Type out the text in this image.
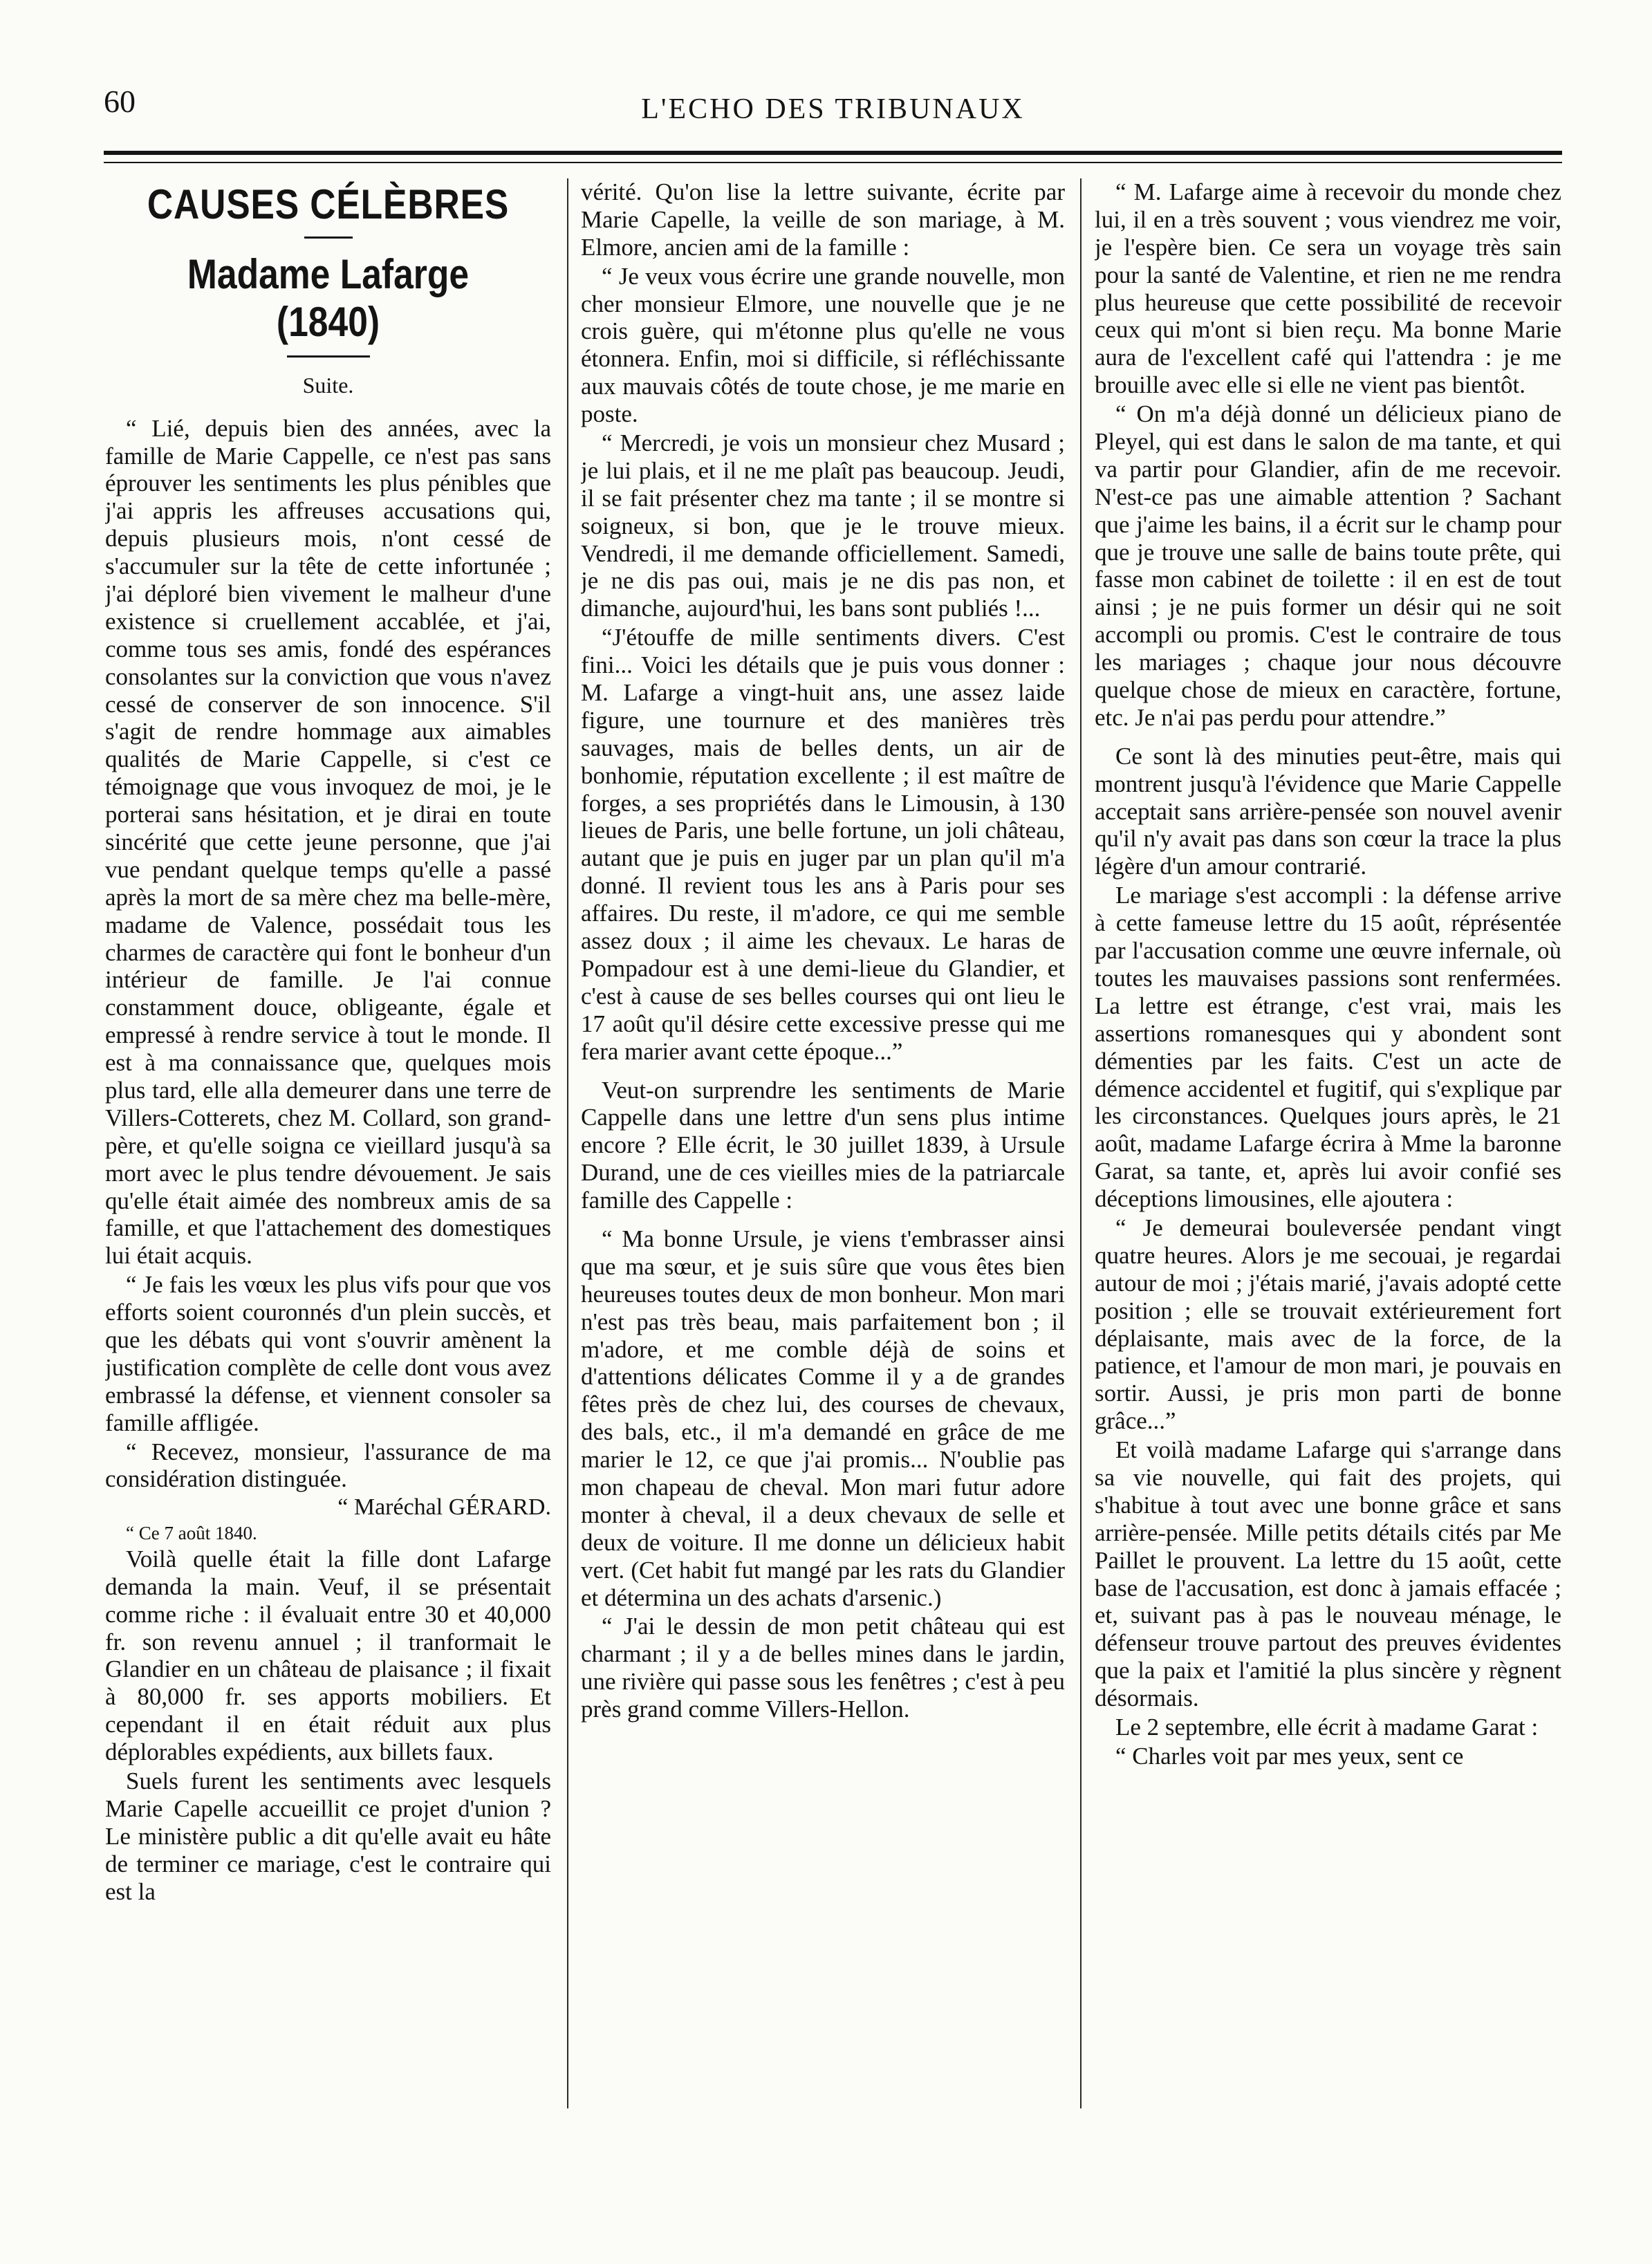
60	L'ECHO DES TRIBUNAUX
CAUSES CÉLÈBRES
Madame Lafarge (1840)
Suite.

“ Lié, depuis bien des années, avec la famille de Marie Cappelle, ce n'est pas sans éprouver les sentiments les plus pénibles que j'ai appris les affreuses accusations qui, depuis plusieurs mois, n'ont cessé de s'accumuler sur la tête de cette infortunée ; j'ai déploré bien vivement le malheur d'une existence si cruellement accablée, et j'ai, comme tous ses amis, fondé des espérances consolantes sur la conviction que vous n'avez cessé de conserver de son innocence. S'il s'agit de rendre hommage aux aimables qualités de Marie Cappelle, si c'est ce témoignage que vous invoquez de moi, je le porterai sans hésitation, et je dirai en toute sincérité que cette jeune personne, que j'ai vue pendant quelque temps qu'elle a passé après la mort de sa mère chez ma belle-mère, madame de Valence, possédait tous les charmes de caractère qui font le bonheur d'un intérieur de famille. Je l'ai connue constamment douce, obligeante, égale et empressé à rendre service à tout le monde. Il est à ma connaissance que, quelques mois plus tard, elle alla demeurer dans une terre de Villers-Cotterets, chez M. Collard, son grand-père, et qu'elle soigna ce vieillard jusqu'à sa mort avec le plus tendre dévouement. Je sais qu'elle était aimée des nombreux amis de sa famille, et que l'attachement des domestiques lui était acquis.

“ Je fais les vœux les plus vifs pour que vos efforts soient couronnés d'un plein succès, et que les débats qui vont s'ouvrir amènent la justification complète de celle dont vous avez embrassé la défense, et viennent consoler sa famille affligée.

“ Recevez, monsieur, l'assurance de ma considération distinguée.

“ Maréchal GÉRARD.

“ Ce 7 août 1840.

Voilà quelle était la fille dont Lafarge demanda la main. Veuf, il se présentait comme riche : il évaluait entre 30 et 40,000 fr. son revenu annuel ; il tranformait le Glandier en un château de plaisance ; il fixait à 80,000 fr. ses apports mobiliers. Et cependant il en était réduit aux plus déplorables expédients, aux billets faux.

Suels furent les sentiments avec lesquels Marie Capelle accueillit ce projet d'union ? Le ministère public a dit qu'elle avait eu hâte de terminer ce mariage, c'est le contraire qui est la

vérité. Qu'on lise la lettre suivante, écrite par Marie Capelle, la veille de son mariage, à M. Elmore, ancien ami de la famille :

“ Je veux vous écrire une grande nouvelle, mon cher monsieur Elmore, une nouvelle que je ne crois guère, qui m'étonne plus qu'elle ne vous étonnera. Enfin, moi si difficile, si réfléchissante aux mauvais côtés de toute chose, je me marie en poste.

“ Mercredi, je vois un monsieur chez Musard ; je lui plais, et il ne me plaît pas beaucoup. Jeudi, il se fait présenter chez ma tante ; il se montre si soigneux, si bon, que je le trouve mieux. Vendredi, il me demande officiellement. Samedi, je ne dis pas oui, mais je ne dis pas non, et dimanche, aujourd'hui, les bans sont publiés !...

“J'étouffe de mille sentiments divers. C'est fini... Voici les détails que je puis vous donner : M. Lafarge a vingt-huit ans, une assez laide figure, une tournure et des manières très sauvages, mais de belles dents, un air de bonhomie, réputation excellente ; il est maître de forges, a ses propriétés dans le Limousin, à 130 lieues de Paris, une belle fortune, un joli château, autant que je puis en juger par un plan qu'il m'a donné. Il revient tous les ans à Paris pour ses affaires. Du reste, il m'adore, ce qui me semble assez doux ; il aime les chevaux. Le haras de Pompadour est à une demi-lieue du Glandier, et c'est à cause de ses belles courses qui ont lieu le 17 août qu'il désire cette excessive presse qui me fera marier avant cette époque...”

Veut-on surprendre les sentiments de Marie Cappelle dans une lettre d'un sens plus intime encore ? Elle écrit, le 30 juillet 1839, à Ursule Durand, une de ces vieilles mies de la patriarcale famille des Cappelle :

“ Ma bonne Ursule, je viens t'embrasser ainsi que ma sœur, et je suis sûre que vous êtes bien heureuses toutes deux de mon bonheur. Mon mari n'est pas très beau, mais parfaitement bon ; il m'adore, et me comble déjà de soins et d'attentions délicates Comme il y a de grandes fêtes près de chez lui, des courses de chevaux, des bals, etc., il m'a demandé en grâce de me marier le 12, ce que j'ai promis... N'oublie pas mon chapeau de cheval. Mon mari futur adore monter à cheval, il a deux chevaux de selle et deux de voiture. Il me donne un délicieux habit vert. (Cet habit fut mangé par les rats du Glandier et détermina un des achats d'arsenic.)

“ J'ai le dessin de mon petit château qui est charmant ; il y a de belles mines dans le jardin, une rivière qui passe sous les fenêtres ; c'est à peu près grand comme Villers-Hellon.

“ M. Lafarge aime à recevoir du monde chez lui, il en a très souvent ; vous viendrez me voir, je l'espère bien. Ce sera un voyage très sain pour la santé de Valentine, et rien ne me rendra plus heureuse que cette possibilité de recevoir ceux qui m'ont si bien reçu. Ma bonne Marie aura de l'excellent café qui l'attendra : je me brouille avec elle si elle ne vient pas bientôt.

“ On m'a déjà donné un délicieux piano de Pleyel, qui est dans le salon de ma tante, et qui va partir pour Glandier, afin de me recevoir. N'est-ce pas une aimable attention ? Sachant que j'aime les bains, il a écrit sur le champ pour que je trouve une salle de bains toute prête, qui fasse mon cabinet de toilette : il en est de tout ainsi ; je ne puis former un désir qui ne soit accompli ou promis. C'est le contraire de tous les mariages ; chaque jour nous découvre quelque chose de mieux en caractère, fortune, etc. Je n'ai pas perdu pour attendre.”

Ce sont là des minuties peut-être, mais qui montrent jusqu'à l'évidence que Marie Cappelle acceptait sans arrière-pensée son nouvel avenir qu'il n'y avait pas dans son cœur la trace la plus légère d'un amour contrarié.

Le mariage s'est accompli : la défense arrive à cette fameuse lettre du 15 août, réprésentée par l'accusation comme une œuvre infernale, où toutes les mauvaises passions sont renfermées. La lettre est étrange, c'est vrai, mais les assertions romanesques qui y abondent sont démenties par les faits. C'est un acte de démence accidentel et fugitif, qui s'explique par les circonstances. Quelques jours après, le 21 août, madame Lafarge écrira à Mme la baronne Garat, sa tante, et, après lui avoir confié ses déceptions limousines, elle ajoutera :

“ Je demeurai bouleversée pendant vingt quatre heures. Alors je me secouai, je regardai autour de moi ; j'étais marié, j'avais adopté cette position ; elle se trouvait extérieurement fort déplaisante, mais avec de la force, de la patience, et l'amour de mon mari, je pouvais en sortir. Aussi, je pris mon parti de bonne grâce...”

Et voilà madame Lafarge qui s'arrange dans sa vie nouvelle, qui fait des projets, qui s'habitue à tout avec une bonne grâce et sans arrière-pensée. Mille petits détails cités par Me Paillet le prouvent. La lettre du 15 août, cette base de l'accusation, est donc à jamais effacée ; et, suivant pas à pas le nouveau ménage, le défenseur trouve partout des preuves évidentes que la paix et l'amitié la plus sincère y règnent désormais.

Le 2 septembre, elle écrit à madame Garat :

“ Charles voit par mes yeux, sent ce
